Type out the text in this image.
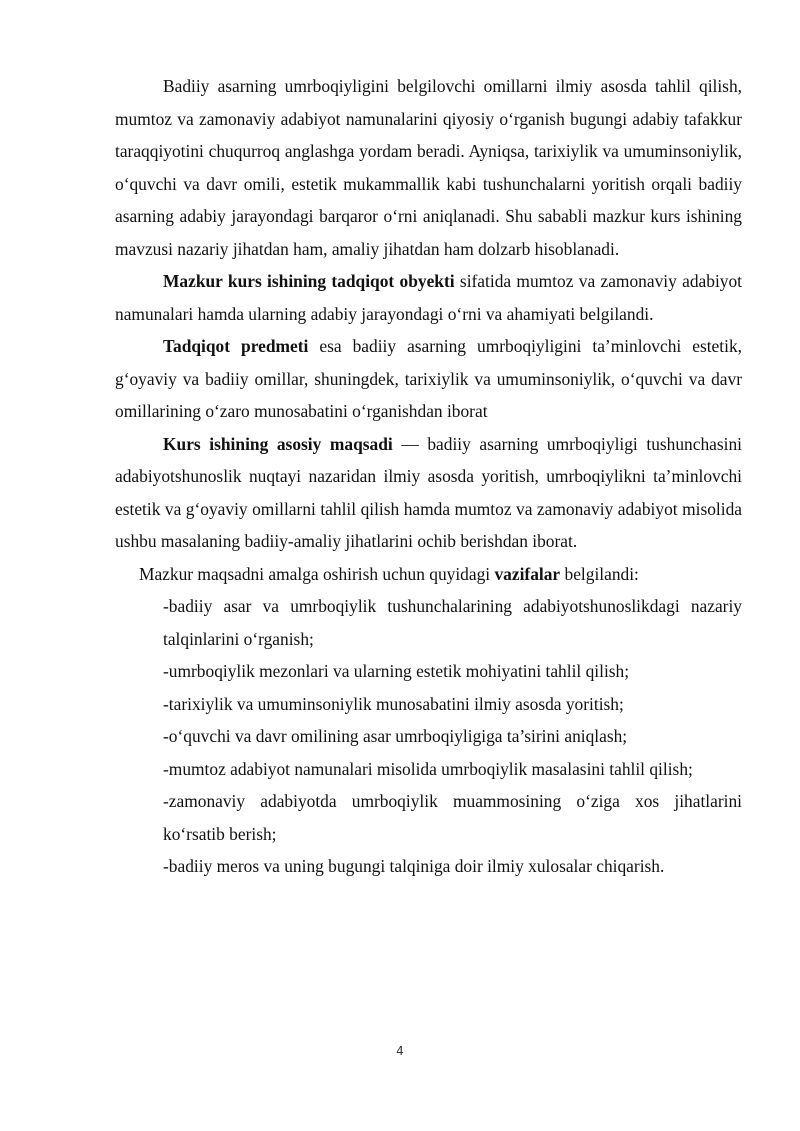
Badiiy asarning umrboqiyligini belgilovchi omillarni ilmiy asosda tahlil qilish, mumtoz va zamonaviy adabiyot namunalarini qiyosiy oʻrganish bugungi adabiy tafakkur taraqqiyotini chuqurroq anglashga yordam beradi. Ayniqsa, tarixiylik va umuminsoniylik, oʻquvchi va davr omili, estetik mukammallik kabi tushunchalarni yoritish orqali badiiy asarning adabiy jarayondagi barqaror oʻrni aniqlanadi. Shu sababli mazkur kurs ishining mavzusi nazariy jihatdan ham, amaliy jihatdan ham dolzarb hisoblanadi.

Mazkur kurs ishining tadqiqot obyekti sifatida mumtoz va zamonaviy adabiyot namunalari hamda ularning adabiy jarayondagi oʻrni va ahamiyati belgilandi.

Tadqiqot predmeti esa badiiy asarning umrboqiyligini ta’minlovchi estetik, gʻoyaviy va badiiy omillar, shuningdek, tarixiylik va umuminsoniylik, oʻquvchi va davr omillarining oʻzaro munosabatini oʻrganishdan iborat

Kurs ishining asosiy maqsadi — badiiy asarning umrboqiyligi tushunchasini adabiyotshunoslik nuqtayi nazaridan ilmiy asosda yoritish, umrboqiylikni ta’minlovchi estetik va gʻoyaviy omillarni tahlil qilish hamda mumtoz va zamonaviy adabiyot misolida ushbu masalaning badiiy-amaliy jihatlarini ochib berishdan iborat.

Mazkur maqsadni amalga oshirish uchun quyidagi vazifalar belgilandi:

-badiiy asar va umrboqiylik tushunchalarining adabiyotshunoslikdagi nazariy talqinlarini oʻrganish;

-umrboqiylik mezonlari va ularning estetik mohiyatini tahlil qilish;

-tarixiylik va umuminsoniylik munosabatini ilmiy asosda yoritish;

-oʻquvchi va davr omilining asar umrboqiyligiga ta’sirini aniqlash;

-mumtoz adabiyot namunalari misolida umrboqiylik masalasini tahlil qilish;

-zamonaviy adabiyotda umrboqiylik muammosining oʻziga xos jihatlarini koʻrsatib berish;

-badiiy meros va uning bugungi talqiniga doir ilmiy xulosalar chiqarish.

4
